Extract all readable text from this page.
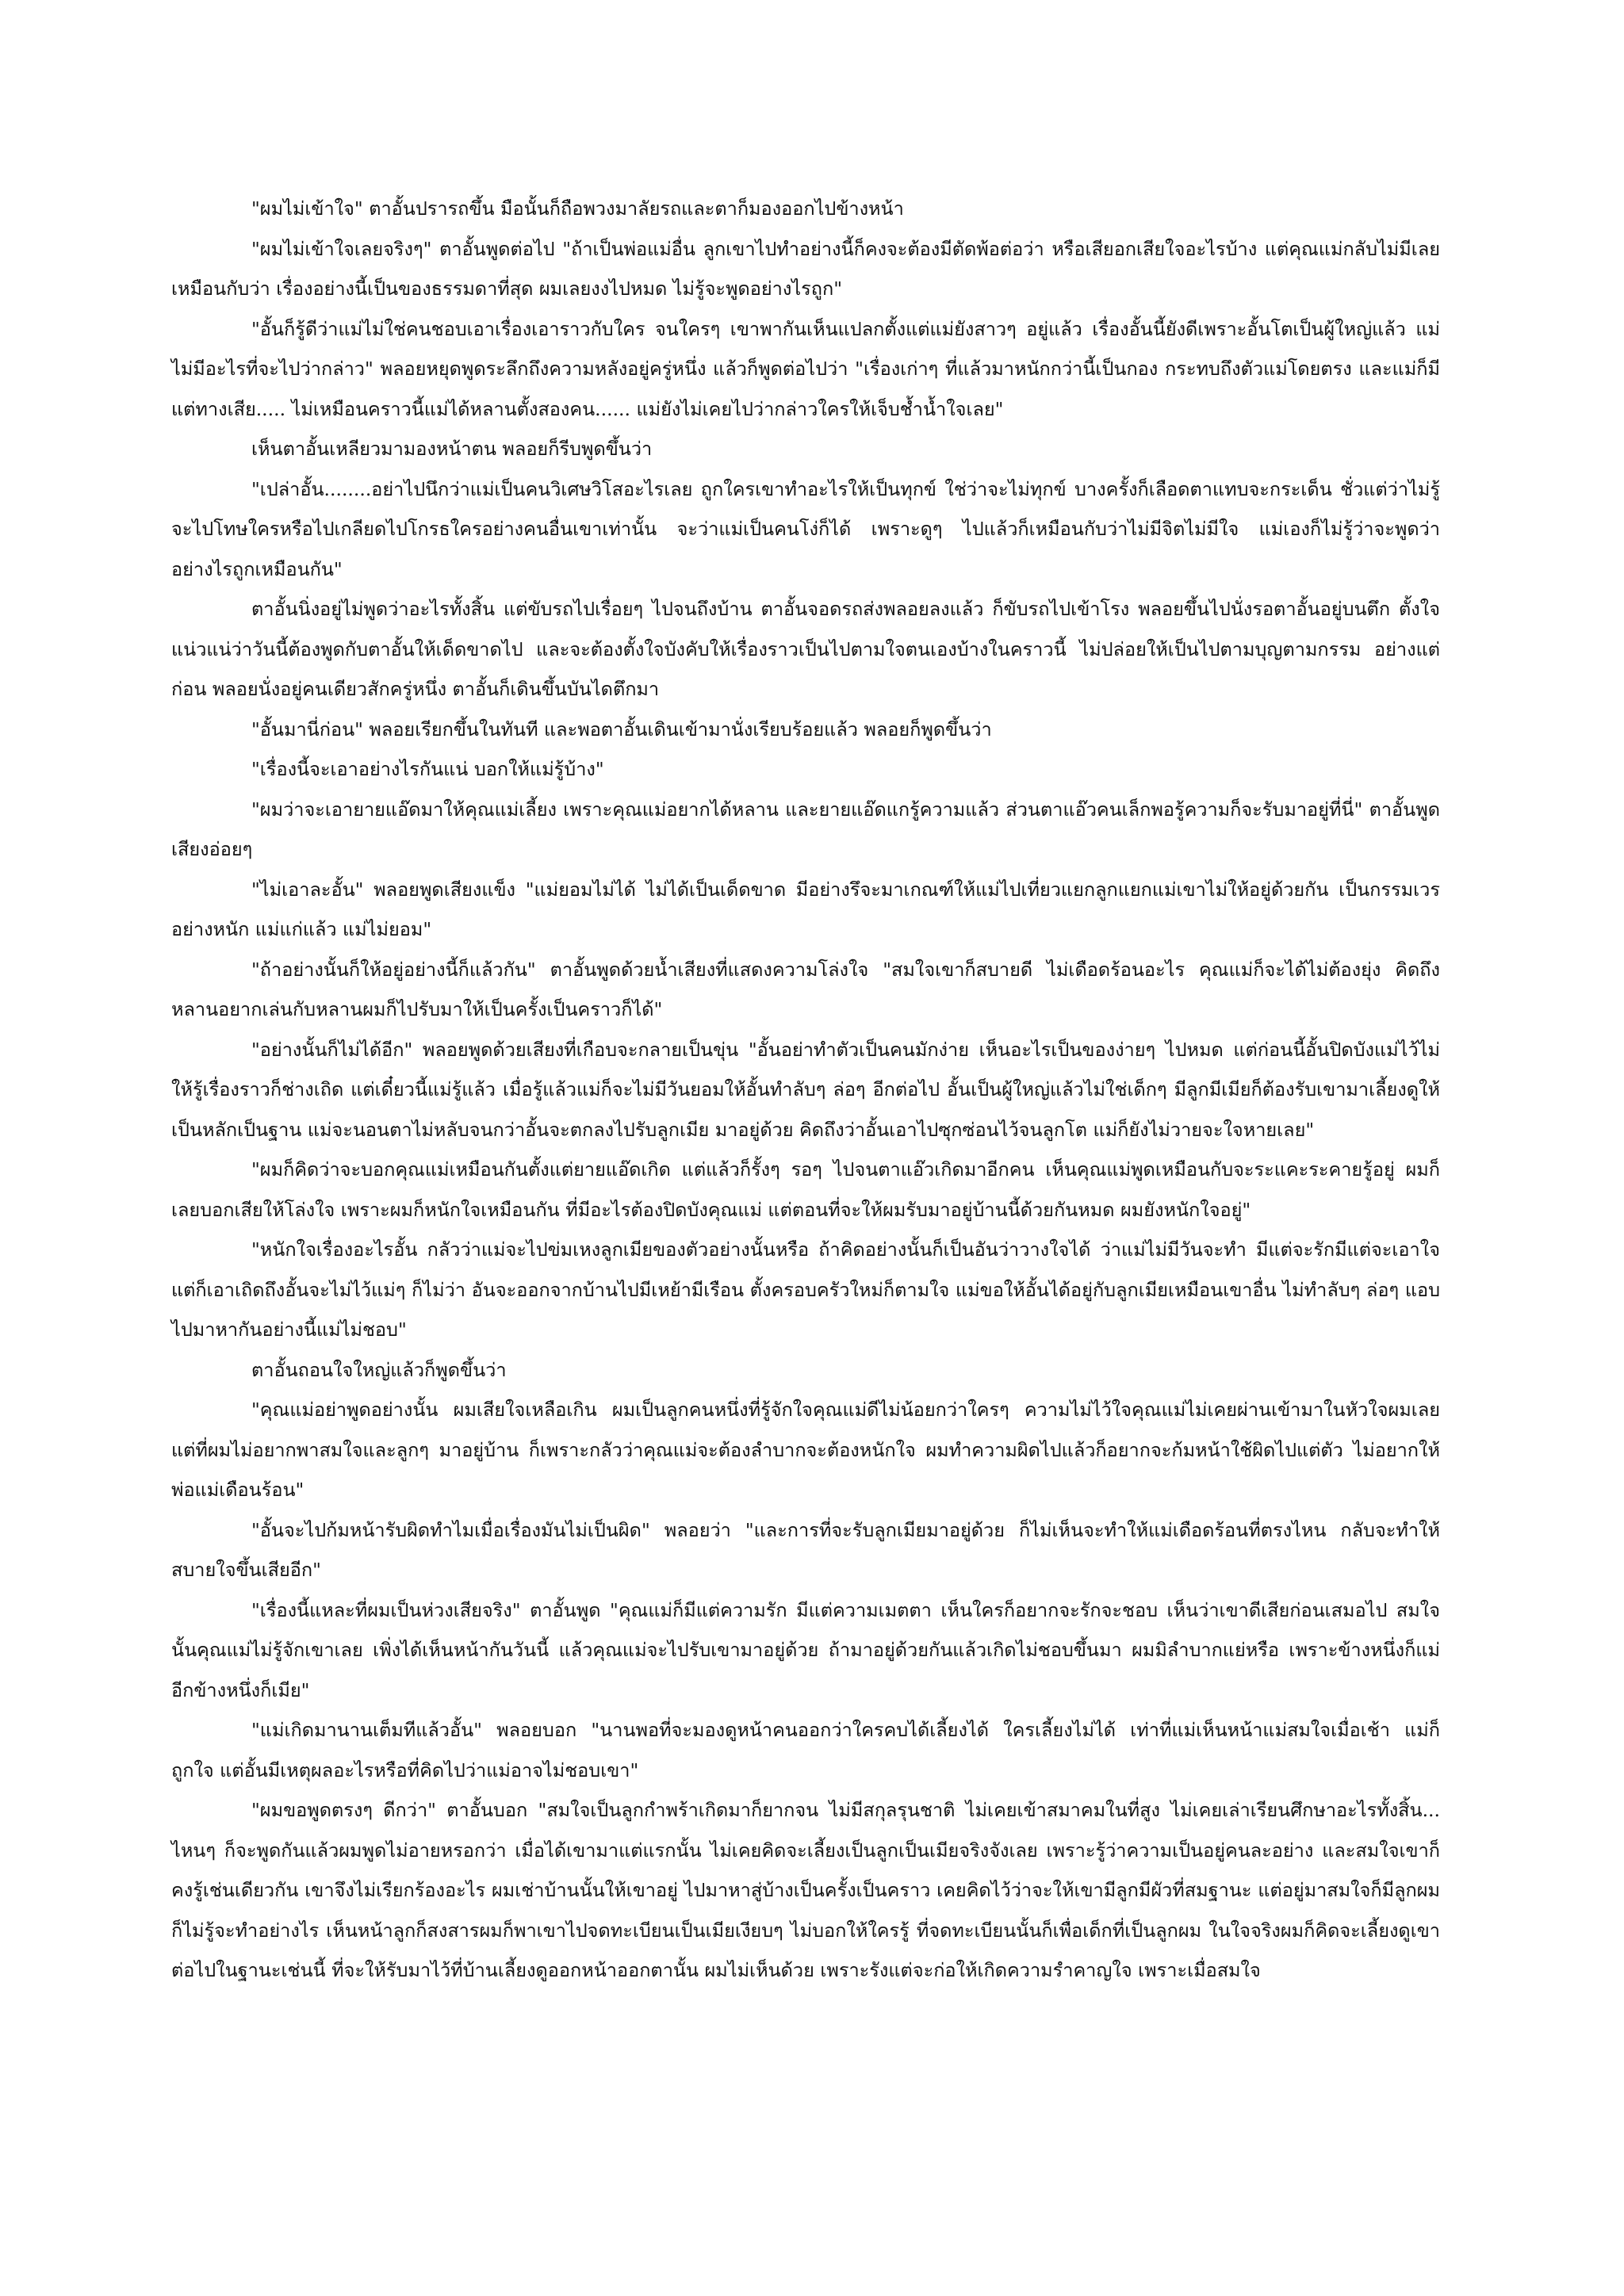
"ผมไม่เข้าใจ" ตาอั้นปรารถขึ้น มือนั้นก็ถือพวงมาลัยรถและตาก็มองออกไปข้างหน้า

"ผมไม่เข้าใจเลยจริงๆ" ตาอั้นพูดต่อไป "ถ้าเป็นพ่อแม่อื่น ลูกเขาไปทำอย่างนี้ก็คงจะต้องมีตัดพ้อต่อว่า หรือเสียอกเสียใจอะไรบ้าง แต่คุณแม่กลับไม่มีเลยเหมือนกับว่า เรื่องอย่างนี้เป็นของธรรมดาที่สุด ผมเลยงงไปหมด ไม่รู้จะพูดอย่างไรถูก"

"อั้นก็รู้ดีว่าแม่ไม่ใช่คนชอบเอาเรื่องเอาราวกับใคร จนใครๆ เขาพากันเห็นแปลกตั้งแต่แม่ยังสาวๆ อยู่แล้ว เรื่องอั้นนี้ยังดีเพราะอั้นโตเป็นผู้ใหญ่แล้ว แม่ไม่มีอะไรที่จะไปว่ากล่าว" พลอยหยุดพูดระลึกถึงความหลังอยู่ครู่หนึ่ง แล้วก็พูดต่อไปว่า "เรื่องเก่าๆ ที่แล้วมาหนักกว่านี้เป็นกอง กระทบถึงตัวแม่โดยตรง และแม่ก็มีแต่ทางเสีย..... ไม่เหมือนคราวนี้แม่ได้หลานตั้งสองคน...... แม่ยังไม่เคยไปว่ากล่าวใครให้เจ็บช้ำน้ำใจเลย"

เห็นตาอั้นเหลียวมามองหน้าตน พลอยก็รีบพูดขึ้นว่า

"เปล่าอั้น........อย่าไปนึกว่าแม่เป็นคนวิเศษวิโสอะไรเลย ถูกใครเขาทำอะไรให้เป็นทุกข์ ใช่ว่าจะไม่ทุกข์ บางครั้งก็เลือดตาแทบจะกระเด็น ชั่วแต่ว่าไม่รู้จะไปโทษใครหรือไปเกลียดไปโกรธใครอย่างคนอื่นเขาเท่านั้น จะว่าแม่เป็นคนโง่ก็ได้ เพราะดูๆ ไปแล้วก็เหมือนกับว่าไม่มีจิตไม่มีใจ แม่เองก็ไม่รู้ว่าจะพูดว่าอย่างไรถูกเหมือนกัน"

ตาอั้นนิ่งอยู่ไม่พูดว่าอะไรทั้งสิ้น แต่ขับรถไปเรื่อยๆ ไปจนถึงบ้าน ตาอั้นจอดรถส่งพลอยลงแล้ว ก็ขับรถไปเข้าโรง พลอยขึ้นไปนั่งรอตาอั้นอยู่บนตึก ตั้งใจแน่วแน่ว่าวันนี้ต้องพูดกับตาอั้นให้เด็ดขาดไป และจะต้องตั้งใจบังคับให้เรื่องราวเป็นไปตามใจตนเองบ้างในคราวนี้ ไม่ปล่อยให้เป็นไปตามบุญตามกรรม อย่างแต่ก่อน พลอยนั่งอยู่คนเดียวสักครู่หนึ่ง ตาอั้นก็เดินขึ้นบันไดตึกมา

"อั้นมานี่ก่อน" พลอยเรียกขึ้นในทันที และพอตาอั้นเดินเข้ามานั่งเรียบร้อยแล้ว พลอยก็พูดขึ้นว่า

"เรื่องนี้จะเอาอย่างไรกันแน่ บอกให้แม่รู้บ้าง"

"ผมว่าจะเอายายแอ๊ดมาให้คุณแม่เลี้ยง เพราะคุณแม่อยากได้หลาน และยายแอ๊ดแกรู้ความแล้ว ส่วนตาแอ๊วคนเล็กพอรู้ความก็จะรับมาอยู่ที่นี่" ตาอั้นพูดเสียงอ่อยๆ

"ไม่เอาละอั้น" พลอยพูดเสียงแข็ง "แม่ยอมไม่ได้ ไม่ได้เป็นเด็ดขาด มีอย่างรึจะมาเกณฑ์ให้แม่ไปเที่ยวแยกลูกแยกแม่เขาไม่ให้อยู่ด้วยกัน เป็นกรรมเวรอย่างหนัก แม่แก่แล้ว แม่ไม่ยอม"

"ถ้าอย่างนั้นก็ให้อยู่อย่างนี้ก็แล้วกัน" ตาอั้นพูดด้วยน้ำเสียงที่แสดงความโล่งใจ "สมใจเขาก็สบายดี ไม่เดือดร้อนอะไร คุณแม่ก็จะได้ไม่ต้องยุ่ง คิดถึงหลานอยากเล่นกับหลานผมก็ไปรับมาให้เป็นครั้งเป็นคราวก็ได้"

"อย่างนั้นก็ไม่ได้อีก" พลอยพูดด้วยเสียงที่เกือบจะกลายเป็นขุ่น "อั้นอย่าทำตัวเป็นคนมักง่าย เห็นอะไรเป็นของง่ายๆ ไปหมด แต่ก่อนนี้อั้นปิดบังแม่ไว้ไม่ให้รู้เรื่องราวก็ช่างเถิด แต่เดี๋ยวนี้แม่รู้แล้ว เมื่อรู้แล้วแม่ก็จะไม่มีวันยอมให้อั้นทำลับๆ ล่อๆ อีกต่อไป อั้นเป็นผู้ใหญ่แล้วไม่ใช่เด็กๆ มีลูกมีเมียก็ต้องรับเขามาเลี้ยงดูให้เป็นหลักเป็นฐาน แม่จะนอนตาไม่หลับจนกว่าอั้นจะตกลงไปรับลูกเมีย มาอยู่ด้วย คิดถึงว่าอั้นเอาไปซุกซ่อนไว้จนลูกโต แม่ก็ยังไม่วายจะใจหายเลย"

"ผมก็คิดว่าจะบอกคุณแม่เหมือนกันตั้งแต่ยายแอ๊ดเกิด แต่แล้วก็รั้งๆ รอๆ ไปจนตาแอ๊วเกิดมาอีกคน เห็นคุณแม่พูดเหมือนกับจะระแคะระคายรู้อยู่ ผมก็เลยบอกเสียให้โล่งใจ เพราะผมก็หนักใจเหมือนกัน ที่มีอะไรต้องปิดบังคุณแม่ แต่ตอนที่จะให้ผมรับมาอยู่บ้านนี้ด้วยกันหมด ผมยังหนักใจอยู่"

"หนักใจเรื่องอะไรอั้น กลัวว่าแม่จะไปข่มเหงลูกเมียของตัวอย่างนั้นหรือ ถ้าคิดอย่างนั้นก็เป็นอันว่าวางใจได้ ว่าแม่ไม่มีวันจะทำ มีแต่จะรักมีแต่จะเอาใจ แต่ก็เอาเถิดถึงอั้นจะไม่ไว้แม่ๆ ก็ไม่ว่า อันจะออกจากบ้านไปมีเหย้ามีเรือน ตั้งครอบครัวใหม่ก็ตามใจ แม่ขอให้อั้นได้อยู่กับลูกเมียเหมือนเขาอื่น ไม่ทำลับๆ ล่อๆ แอบไปมาหากันอย่างนี้แม่ไม่ชอบ"

ตาอั้นถอนใจใหญ่แล้วก็พูดขึ้นว่า

"คุณแม่อย่าพูดอย่างนั้น ผมเสียใจเหลือเกิน ผมเป็นลูกคนหนึ่งที่รู้จักใจคุณแม่ดีไม่น้อยกว่าใครๆ ความไม่ไว้ใจคุณแม่ไม่เคยผ่านเข้ามาในหัวใจผมเลย แต่ที่ผมไม่อยากพาสมใจและลูกๆ มาอยู่บ้าน ก็เพราะกลัวว่าคุณแม่จะต้องลำบากจะต้องหนักใจ ผมทำความผิดไปแล้วก็อยากจะก้มหน้าใช้ผิดไปแต่ตัว ไม่อยากให้พ่อแม่เดือนร้อน"

"อั้นจะไปก้มหน้ารับผิดทำไมเมื่อเรื่องมันไม่เป็นผิด" พลอยว่า "และการที่จะรับลูกเมียมาอยู่ด้วย ก็ไม่เห็นจะทำให้แม่เดือดร้อนที่ตรงไหน กลับจะทำให้สบายใจขึ้นเสียอีก"

"เรื่องนี้แหละที่ผมเป็นห่วงเสียจริง" ตาอั้นพูด "คุณแม่ก็มีแต่ความรัก มีแต่ความเมตตา เห็นใครก็อยากจะรักจะชอบ เห็นว่าเขาดีเสียก่อนเสมอไป สมใจนั้นคุณแม่ไม่รู้จักเขาเลย เพิ่งได้เห็นหน้ากันวันนี้ แล้วคุณแม่จะไปรับเขามาอยู่ด้วย ถ้ามาอยู่ด้วยกันแล้วเกิดไม่ชอบขึ้นมา ผมมิลำบากแย่หรือ เพราะข้างหนึ่งก็แม่ อีกข้างหนึ่งก็เมีย"

"แม่เกิดมานานเต็มทีแล้วอั้น" พลอยบอก "นานพอที่จะมองดูหน้าคนออกว่าใครคบได้เลี้ยงได้ ใครเลี้ยงไม่ได้ เท่าที่แม่เห็นหน้าแม่สมใจเมื่อเช้า แม่ก็ถูกใจ แต่อั้นมีเหตุผลอะไรหรือที่คิดไปว่าแม่อาจไม่ชอบเขา"

"ผมขอพูดตรงๆ ดีกว่า" ตาอั้นบอก "สมใจเป็นลูกกำพร้าเกิดมาก็ยากจน ไม่มีสกุลรุนชาติ ไม่เคยเข้าสมาคมในที่สูง ไม่เคยเล่าเรียนศึกษาอะไรทั้งสิ้น... ไหนๆ ก็จะพูดกันแล้วผมพูดไม่อายหรอกว่า เมื่อได้เขามาแต่แรกนั้น ไม่เคยคิดจะเลี้ยงเป็นลูกเป็นเมียจริงจังเลย เพราะรู้ว่าความเป็นอยู่คนละอย่าง และสมใจเขาก็คงรู้เช่นเดียวกัน เขาจึงไม่เรียกร้องอะไร ผมเช่าบ้านนั้นให้เขาอยู่ ไปมาหาสู่บ้างเป็นครั้งเป็นคราว เคยคิดไว้ว่าจะให้เขามีลูกมีผัวที่สมฐานะ แต่อยู่มาสมใจก็มีลูกผมก็ไม่รู้จะทำอย่างไร เห็นหน้าลูกก็สงสารผมก็พาเขาไปจดทะเบียนเป็นเมียเงียบๆ ไม่บอกให้ใครรู้ ที่จดทะเบียนนั้นก็เพื่อเด็กที่เป็นลูกผม ในใจจริงผมก็คิดจะเลี้ยงดูเขาต่อไปในฐานะเช่นนี้ ที่จะให้รับมาไว้ที่บ้านเลี้ยงดูออกหน้าออกตานั้น ผมไม่เห็นด้วย เพราะรังแต่จะก่อให้เกิดความรำคาญใจ เพราะเมื่อสมใจ
